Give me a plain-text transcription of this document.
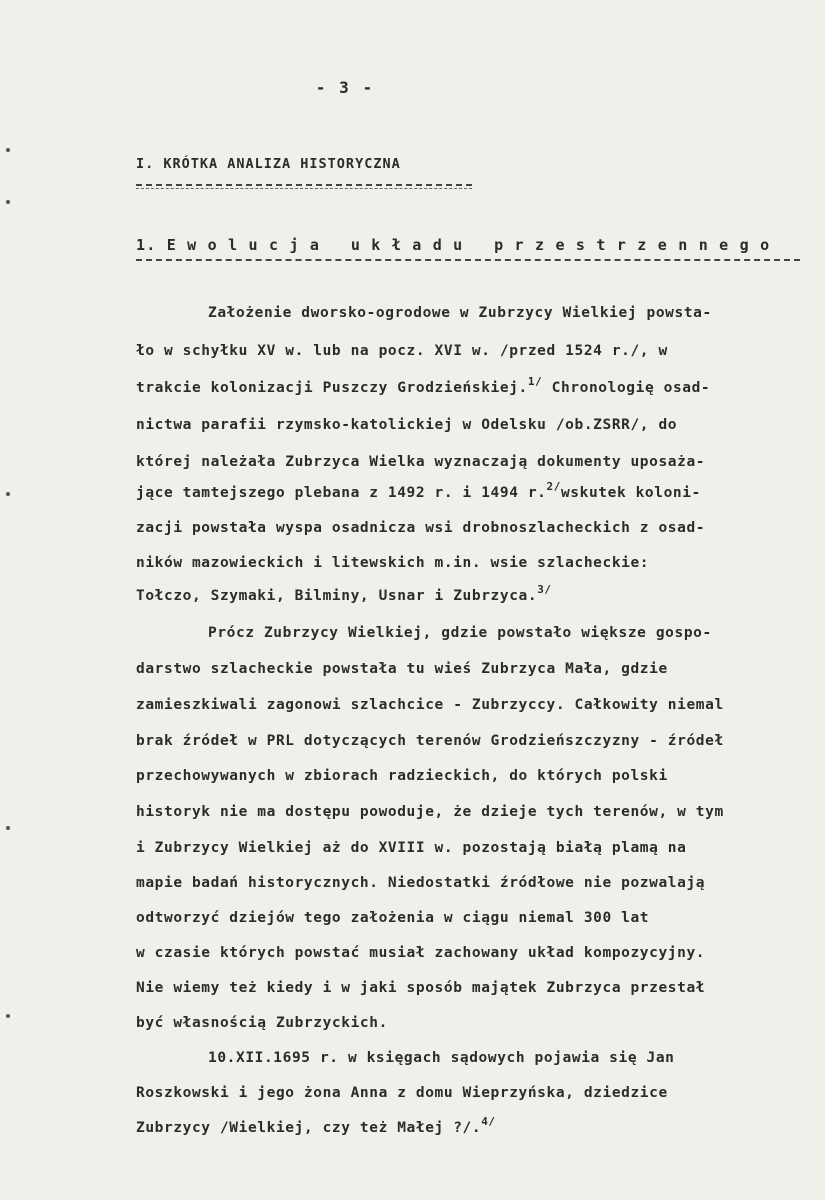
- 3 -
I. KRÓTKA ANALIZA HISTORYCZNA
1. E w o l u c j a   u k ł a d u   p r z e s t r z e n n e g o
Założenie dworsko-ogrodowe w Zubrzycy Wielkiej powsta-
ło w schyłku XV w. lub na pocz. XVI w. /przed 1524 r./, w
trakcie kolonizacji Puszczy Grodzieńskiej.$^{1/}$ Chronologię osad-
nictwa parafii rzymsko-katolickiej w Odelsku /ob.ZSRR/, do
której należała Zubrzyca Wielka wyznaczają dokumenty uposaża-
jące tamtejszego plebana z 1492 r. i 1494 r.$^{2/}$wskutek koloni-
zacji powstała wyspa osadnicza wsi drobnoszlacheckich z osad-
ników mazowieckich i litewskich m.in. wsie szlacheckie:
Tołczo, Szymaki, Bilminy, Usnar i Zubrzyca.$^{3/}$
Prócz Zubrzycy Wielkiej, gdzie powstało większe gospo-
darstwo szlacheckie powstała tu wieś Zubrzyca Mała, gdzie
zamieszkiwali zagonowi szlachcice - Zubrzyccy. Całkowity niemal
brak źródeł w PRL dotyczących terenów Grodzieńszczyzny - źródeł
przechowywanych w zbiorach radzieckich, do których polski
historyk nie ma dostępu powoduje, że dzieje tych terenów, w tym
i Zubrzycy Wielkiej aż do XVIII w. pozostają białą plamą na
mapie badań historycznych. Niedostatki źródłowe nie pozwalają
odtworzyć dziejów tego założenia w ciągu niemal 300 lat
w czasie których powstać musiał zachowany układ kompozycyjny.
Nie wiemy też kiedy i w jaki sposób majątek Zubrzyca przestał
być własnością Zubrzyckich.
10.XII.1695 r. w księgach sądowych pojawia się Jan
Roszkowski i jego żona Anna z domu Wieprzyńska, dziedzice
Zubrzycy /Wielkiej, czy też Małej ?/.$^{4/}$
